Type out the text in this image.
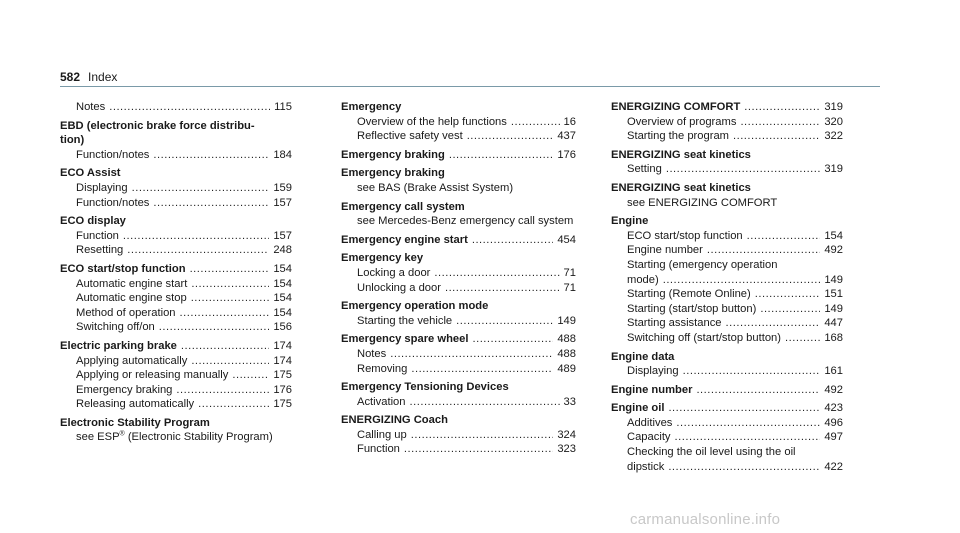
582 Index
Notes .....	115
EBD (electronic brake force distribu-
tion)
Function/notes .....	184
ECO Assist
Displaying .....	159
Function/notes .....	157
ECO display
Function .....	157
Resetting .....	248
ECO start/stop function .....	154
Automatic engine start .....	154
Automatic engine stop .....	154
Method of operation .....	154
Switching off/on .....	156
Electric parking brake .....	174
Applying automatically .....	174
Applying or releasing manually .....	175
Emergency braking .....	176
Releasing automatically .....	175
Electronic Stability Program
see ESP® (Electronic Stability Program)
Emergency
Overview of the help functions .....	16
Reflective safety vest .....	437
Emergency braking .....	176
Emergency braking
see BAS (Brake Assist System)
Emergency call system
see Mercedes-Benz emergency call system
Emergency engine start .....	454
Emergency key
Locking a door .....	71
Unlocking a door .....	71
Emergency operation mode
Starting the vehicle .....	149
Emergency spare wheel .....	488
Notes .....	488
Removing .....	489
Emergency Tensioning Devices
Activation .....	33
ENERGIZING Coach
Calling up .....	324
Function .....	323
ENERGIZING COMFORT .....	319
Overview of programs .....	320
Starting the program .....	322
ENERGIZING seat kinetics
Setting .....	319
ENERGIZING seat kinetics
see ENERGIZING COMFORT
Engine
ECO start/stop function .....	154
Engine number .....	492
Starting (emergency operation
mode) .....	149
Starting (Remote Online) .....	151
Starting (start/stop button) .....	149
Starting assistance .....	447
Switching off (start/stop button) .....	168
Engine data
Displaying .....	161
Engine number .....	492
Engine oil .....	423
Additives .....	496
Capacity .....	497
Checking the oil level using the oil
dipstick .....	422
carmanualsonline.info
